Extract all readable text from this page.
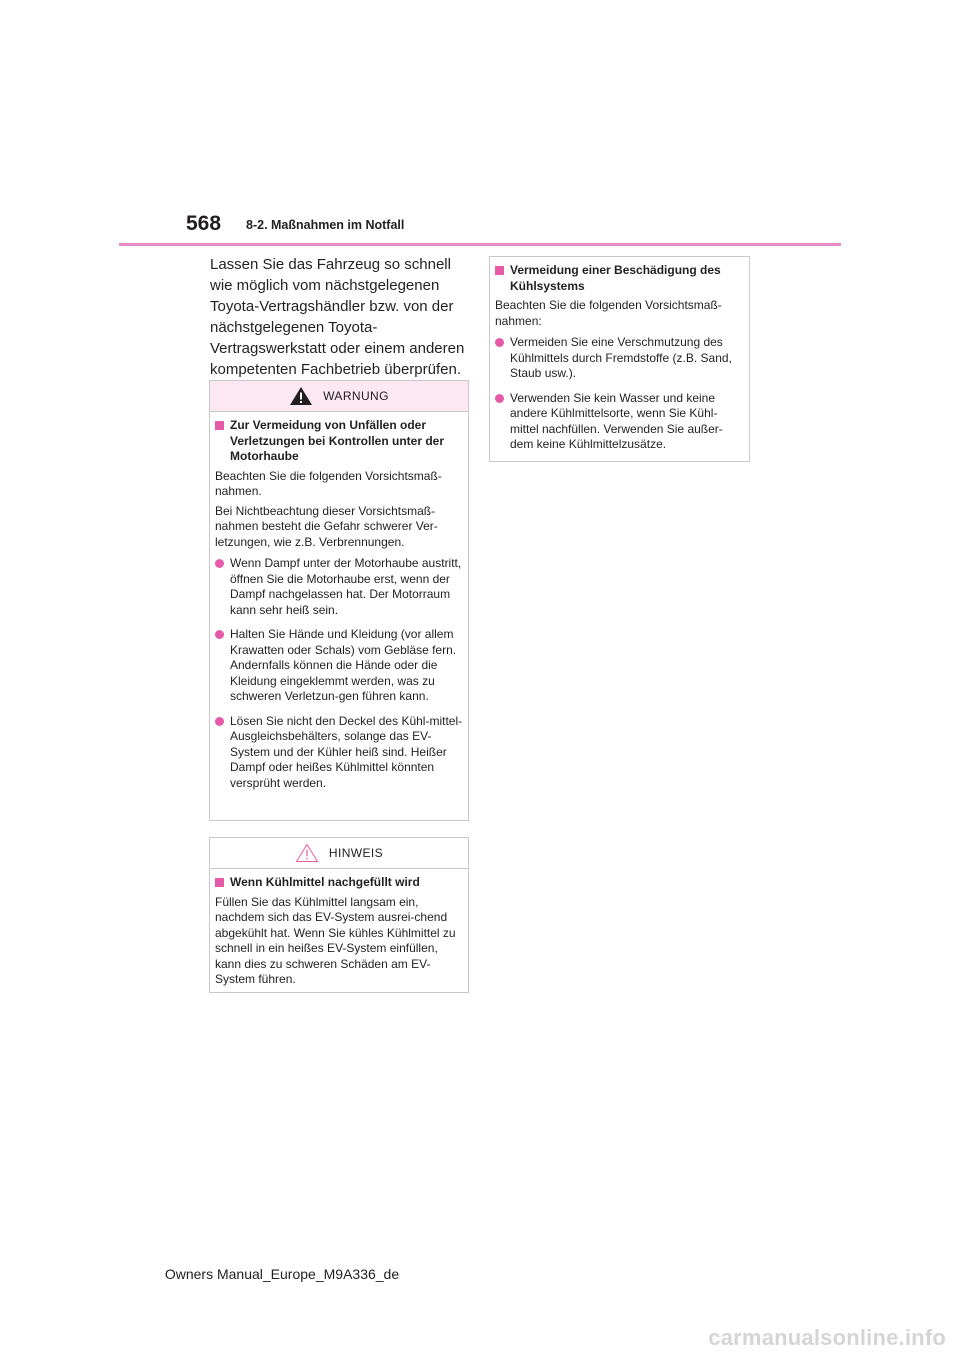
568 8-2. Maßnahmen im Notfall

Lassen Sie das Fahrzeug so schnell wie möglich vom nächstgelegenen Toyota-Vertragshändler bzw. von der nächstgelegenen Toyota-Vertragswerkstatt oder einem anderen kompetenten Fachbetrieb überprüfen.

WARNUNG
Zur Vermeidung von Unfällen oder Verletzungen bei Kontrollen unter der Motorhaube

Beachten Sie die folgenden Vorsichtsmaß-nahmen.

Bei Nichtbeachtung dieser Vorsichtsmaß-nahmen besteht die Gefahr schwerer Ver-letzungen, wie z.B. Verbrennungen.

Wenn Dampf unter der Motorhaube austritt, öffnen Sie die Motorhaube erst, wenn der Dampf nachgelassen hat. Der Motorraum kann sehr heiß sein.
Halten Sie Hände und Kleidung (vor allem Krawatten oder Schals) vom Gebläse fern. Andernfalls können die Hände oder die Kleidung eingeklemmt werden, was zu schweren Verletzun-gen führen kann.
Lösen Sie nicht den Deckel des Kühl-mittel-Ausgleichsbehälters, solange das EV-System und der Kühler heiß sind. Heißer Dampf oder heißes Kühlmittel könnten versprüht werden.
HINWEIS
Wenn Kühlmittel nachgefüllt wird

Füllen Sie das Kühlmittel langsam ein, nachdem sich das EV-System ausrei-chend abgekühlt hat. Wenn Sie kühles Kühlmittel zu schnell in ein heißes EV-System einfüllen, kann dies zu schweren Schäden am EV-System führen.

Vermeidung einer Beschädigung des Kühlsystems

Beachten Sie die folgenden Vorsichtsmaß-nahmen:

Vermeiden Sie eine Verschmutzung des Kühlmittels durch Fremdstoffe (z.B. Sand, Staub usw.).
Verwenden Sie kein Wasser und keine andere Kühlmittelsorte, wenn Sie Kühl-mittel nachfüllen. Verwenden Sie außer-dem keine Kühlmittelzusätze.
Owners Manual_Europe_M9A336_de
carmanualsonline.info
